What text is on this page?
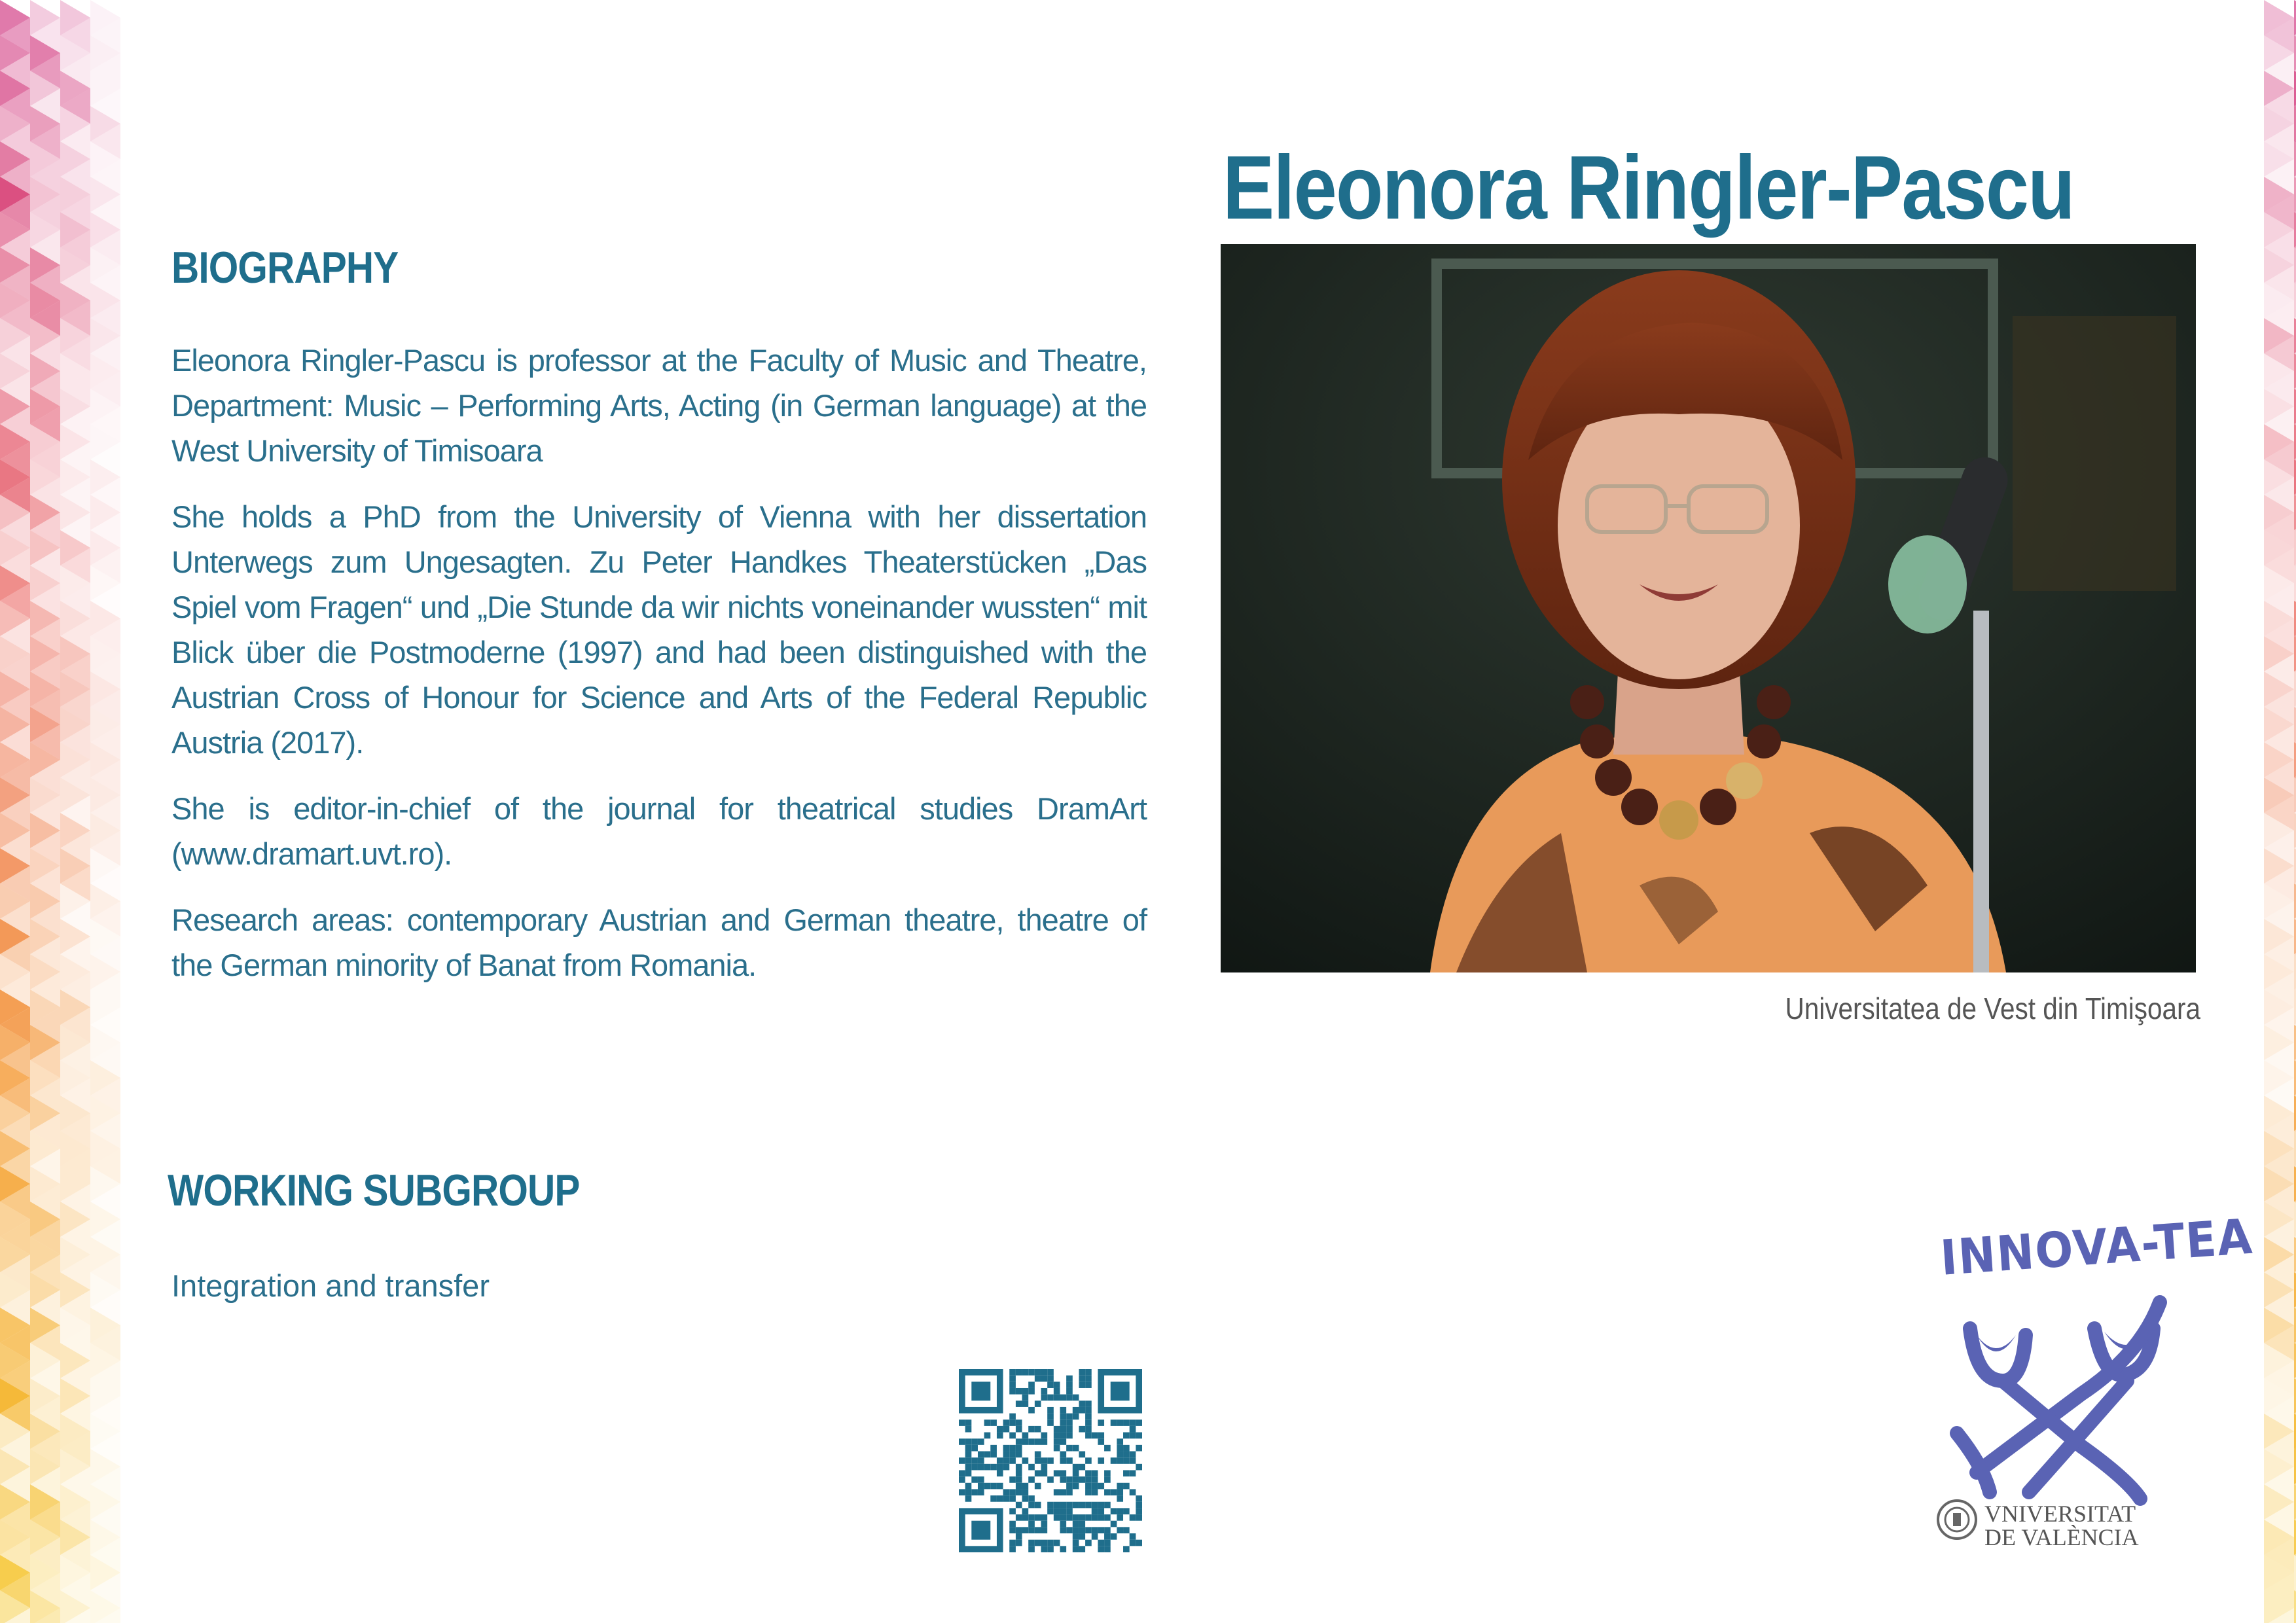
Eleonora Ringler-Pascu
BIOGRAPHY

Eleonora Ringler-Pascu is professor at the Faculty of Music and Theatre, Department: Music – Performing Arts, Acting (in German language) at the West University of Timisoara

She holds a PhD from the University of Vienna with her dissertation Unterwegs zum Ungesagten. Zu Peter Handkes Theaterstücken „Das Spiel vom Fragen“ und „Die Stunde da wir nichts voneinander wussten“ mit Blick über die Postmoderne (1997) and had been distinguished with the Austrian Cross of Honour for Science and Arts of the Federal Republic Austria (2017).

She is editor-in-chief of the journal for theatrical studies DramArt (www.dramart.uvt.ro).

Research areas: contemporary Austrian and German theatre, theatre of the German minority of Banat from Romania.

Universitatea de Vest din Timişoara

WORKING SUBGROUP
Integration and transfer	INNOVA-TEA

VNIVERSITAT

DE VALÈNCIA
